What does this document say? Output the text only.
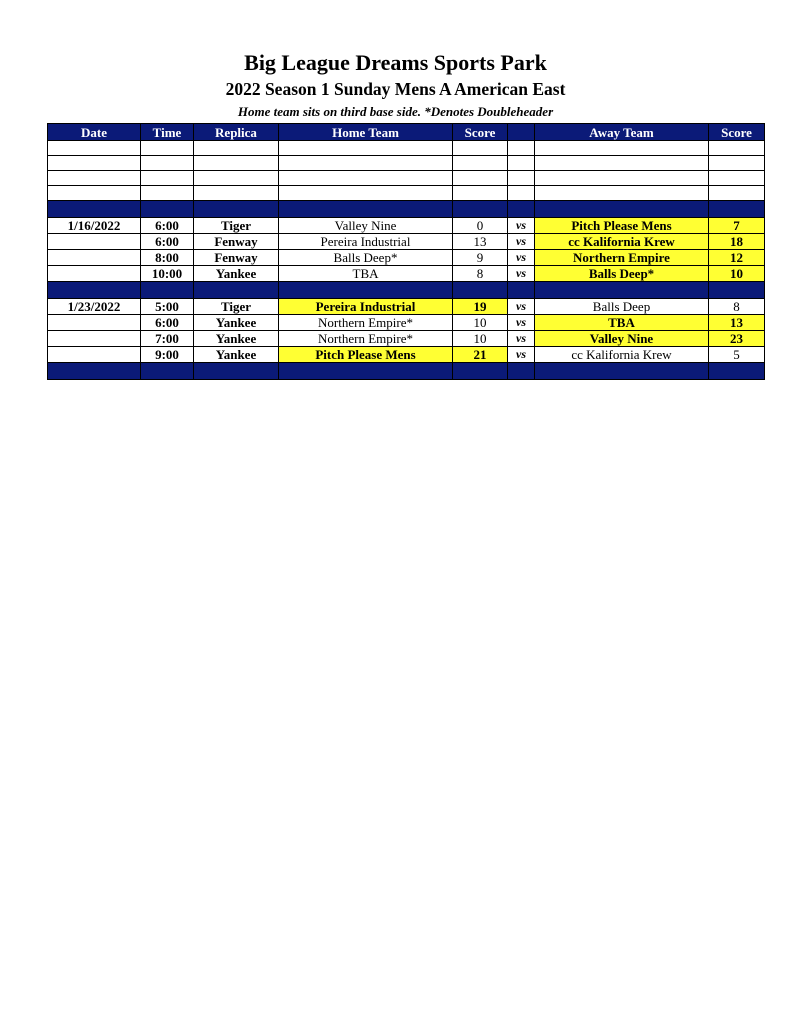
Big League Dreams Sports Park
2022 Season 1 Sunday Mens A American East
Home team sits on third base side. *Denotes Doubleheader
Date	Time	Replica	Home Team	Score		Away Team	Score

1/16/2022	6:00	Tiger	Valley Nine	0	vs	Pitch Please Mens	7
	6:00	Fenway	Pereira Industrial	13	vs	cc Kalifornia Krew	18
	8:00	Fenway	Balls Deep*	9	vs	Northern Empire	12
	10:00	Yankee	TBA	8	vs	Balls Deep*	10

1/23/2022	5:00	Tiger	Pereira Industrial	19	vs	Balls Deep	8
	6:00	Yankee	Northern Empire*	10	vs	TBA	13
	7:00	Yankee	Northern Empire*	10	vs	Valley Nine	23
	9:00	Yankee	Pitch Please Mens	21	vs	cc Kalifornia Krew	5
